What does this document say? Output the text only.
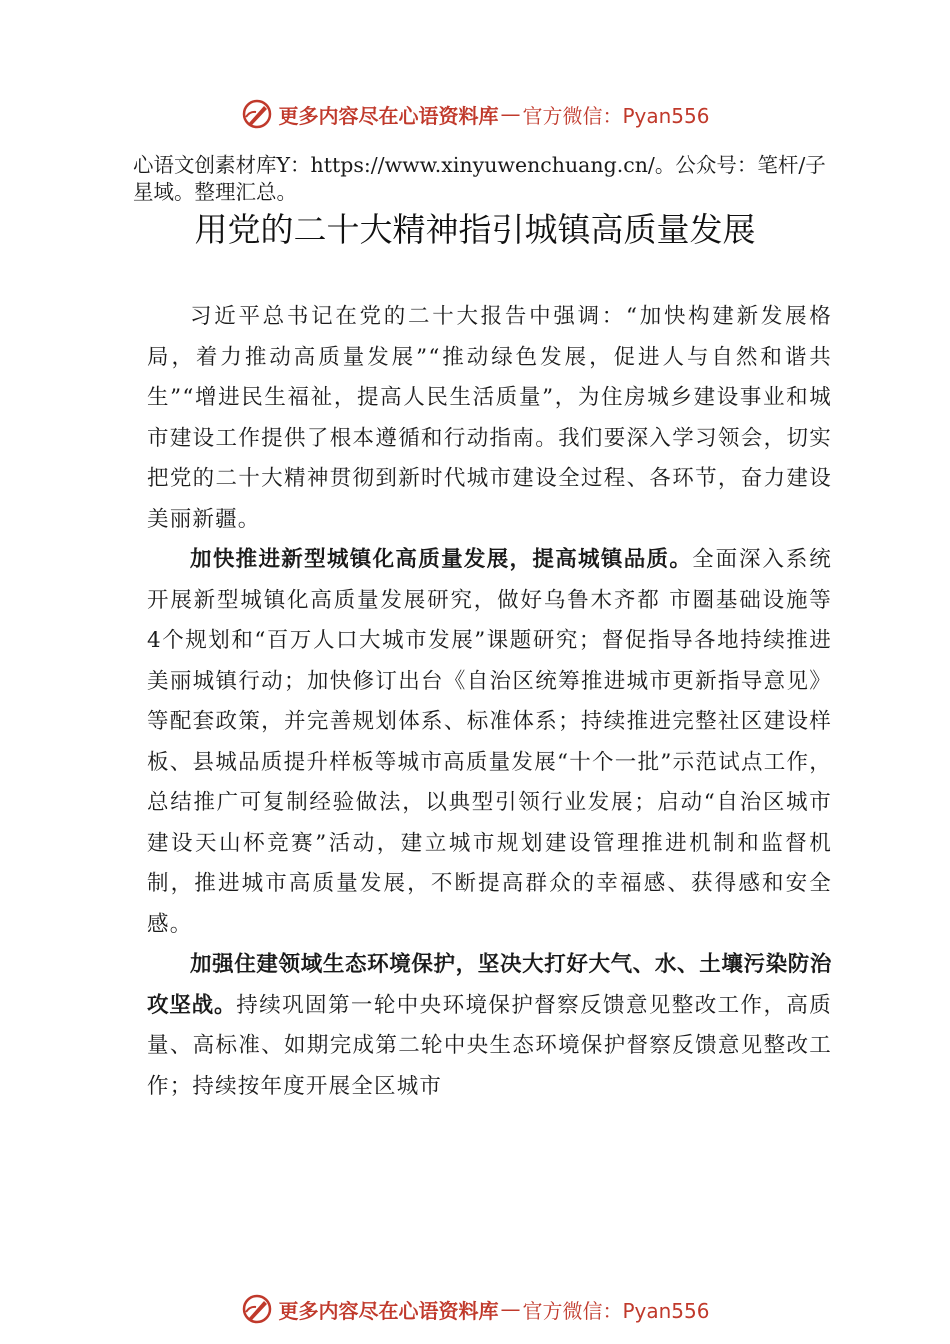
更多内容尽在心语资料库 — 官方微信：Pyan556
心语文创素材库Y：https://www.xinyuwenchuang.cn/。公众号：笔杆/子星域。整理汇总。
用党的二十大精神指引城镇高质量发展

习近平总书记在党的二十大报告中强调：“加快构建新发展格局，着力推动高质量发展”“推动绿色发展，促进人与自然和谐共生”“增进民生福祉，提高人民生活质量”，为住房城乡建设事业和城市建设工作提供了根本遵循和行动指南。我们要深入学习领会，切实把党的二十大精神贯彻到新时代城市建设全过程、各环节，奋力建设美丽新疆。

加快推进新型城镇化高质量发展，提高城镇品质。全面深入系统开展新型城镇化高质量发展研究，做好乌鲁木齐都 市圈基础设施等 4个规划和“百万人口大城市发展”课题研究；督促指导各地持续推进美丽城镇行动；加快修订出台《自治区统筹推进城市更新指导意见》等配套政策，并完善规划体系、标准体系；持续推进完整社区建设样板、县城品质提升样板等城市高质量发展“十个一批”示范试点工作，总结推广可复制经验做法，以典型引领行业发展；启动“自治区城市建设天山杯竞赛”活动，建立城市规划建设管理推进机制和监督机制，推进城市高质量发展，不断提高群众的幸福感、获得感和安全感。

加强住建领域生态环境保护，坚决大打好大气、水、土壤污染防治攻坚战。持续巩固第一轮中央环境保护督察反馈意见整改工作，高质量、高标准、如期完成第二轮中央生态环境保护督察反馈意见整改工作；持续按年度开展全区城市

更多内容尽在心语资料库 — 官方微信：Pyan556
